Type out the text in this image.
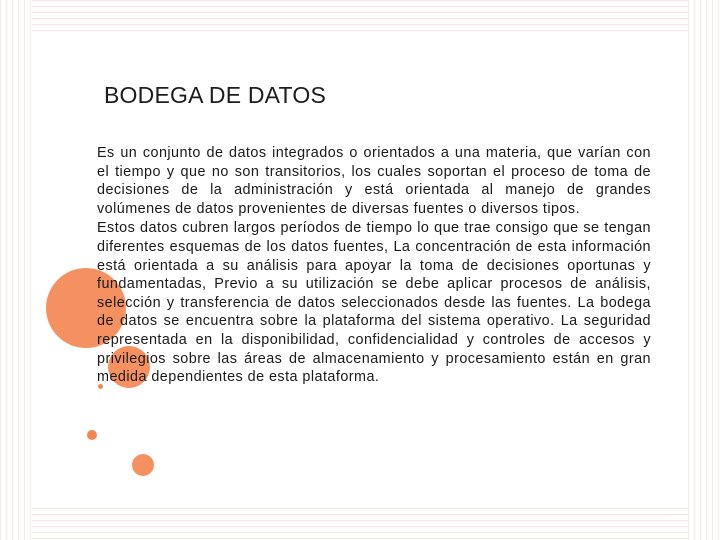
BODEGA DE DATOS

Es un conjunto de datos integrados o orientados a una materia, que varían con el tiempo y que no son transitorios, los cuales soportan el proceso de toma de decisiones de la administración y está orientada al manejo de grandes volúmenes de datos provenientes de diversas fuentes o diversos tipos.

Estos datos cubren largos períodos de tiempo lo que trae consigo que se tengan diferentes esquemas de los datos fuentes, La concentración de esta información está orientada a su análisis para apoyar la toma de decisiones oportunas y fundamentadas, Previo a su utilización se debe aplicar procesos de análisis, selección y transferencia de datos seleccionados desde las fuentes. La bodega de datos se encuentra sobre la plataforma del sistema operativo. La seguridad representada en la disponibilidad, confidencialidad y controles de accesos y privilegios sobre las áreas de almacenamiento y procesamiento están en gran medida dependientes de esta plataforma.
